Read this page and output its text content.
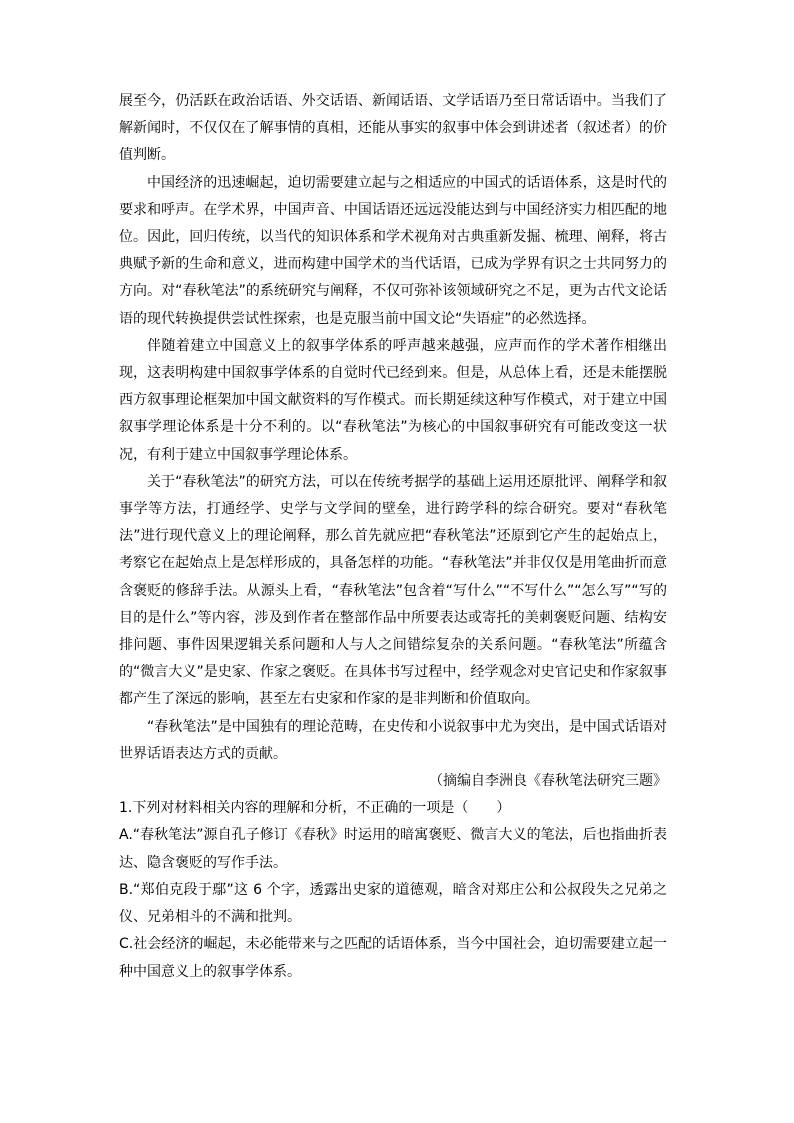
展至今，仍活跃在政治话语、外交话语、新闻话语、文学话语乃至日常话语中。当我们了解新闻时，不仅仅在了解事情的真相，还能从事实的叙事中体会到讲述者（叙述者）的价值判断。

中国经济的迅速崛起，迫切需要建立起与之相适应的中国式的话语体系，这是时代的要求和呼声。在学术界，中国声音、中国话语还远远没能达到与中国经济实力相匹配的地位。因此，回归传统，以当代的知识体系和学术视角对古典重新发掘、梳理、阐释，将古典赋予新的生命和意义，进而构建中国学术的当代话语，已成为学界有识之士共同努力的方向。对“春秋笔法”的系统研究与阐释，不仅可弥补该领域研究之不足，更为古代文论话语的现代转换提供尝试性探索，也是克服当前中国文论“失语症”的必然选择。

伴随着建立中国意义上的叙事学体系的呼声越来越强，应声而作的学术著作相继出现，这表明构建中国叙事学体系的自觉时代已经到来。但是，从总体上看，还是未能摆脱西方叙事理论框架加中国文献资料的写作模式。而长期延续这种写作模式，对于建立中国叙事学理论体系是十分不利的。以“春秋笔法”为核心的中国叙事研究有可能改变这一状况，有利于建立中国叙事学理论体系。

关于“春秋笔法”的研究方法，可以在传统考据学的基础上运用还原批评、阐释学和叙事学等方法，打通经学、史学与文学间的壁垒，进行跨学科的综合研究。要对“春秋笔法”进行现代意义上的理论阐释，那么首先就应把“春秋笔法”还原到它产生的起始点上，考察它在起始点上是怎样形成的，具备怎样的功能。“春秋笔法”并非仅仅是用笔曲折而意含褒贬的修辞手法。从源头上看，“春秋笔法”包含着“写什么”“不写什么”“怎么写”“写的目的是什么”等内容，涉及到作者在整部作品中所要表达或寄托的美刺褒贬问题、结构安排问题、事件因果逻辑关系问题和人与人之间错综复杂的关系问题。“春秋笔法”所蕴含的“微言大义”是史家、作家之褒贬。在具体书写过程中，经学观念对史官记史和作家叙事都产生了深远的影响，甚至左右史家和作家的是非判断和价值取向。

“春秋笔法”是中国独有的理论范畴，在史传和小说叙事中尤为突出，是中国式话语对世界话语表达方式的贡献。

（摘编自李洲良《春秋笔法研究三题》

1.下列对材料相关内容的理解和分析，不正确的一项是（　　）

A.“春秋笔法”源自孔子修订《春秋》时运用的暗寓褒贬、微言大义的笔法，后也指曲折表达、隐含褒贬的写作手法。

B.“郑伯克段于鄢”这 6 个字，透露出史家的道德观，暗含对郑庄公和公叔段失之兄弟之仪、兄弟相斗的不满和批判。

C.社会经济的崛起，未必能带来与之匹配的话语体系，当今中国社会，迫切需要建立起一种中国意义上的叙事学体系。
